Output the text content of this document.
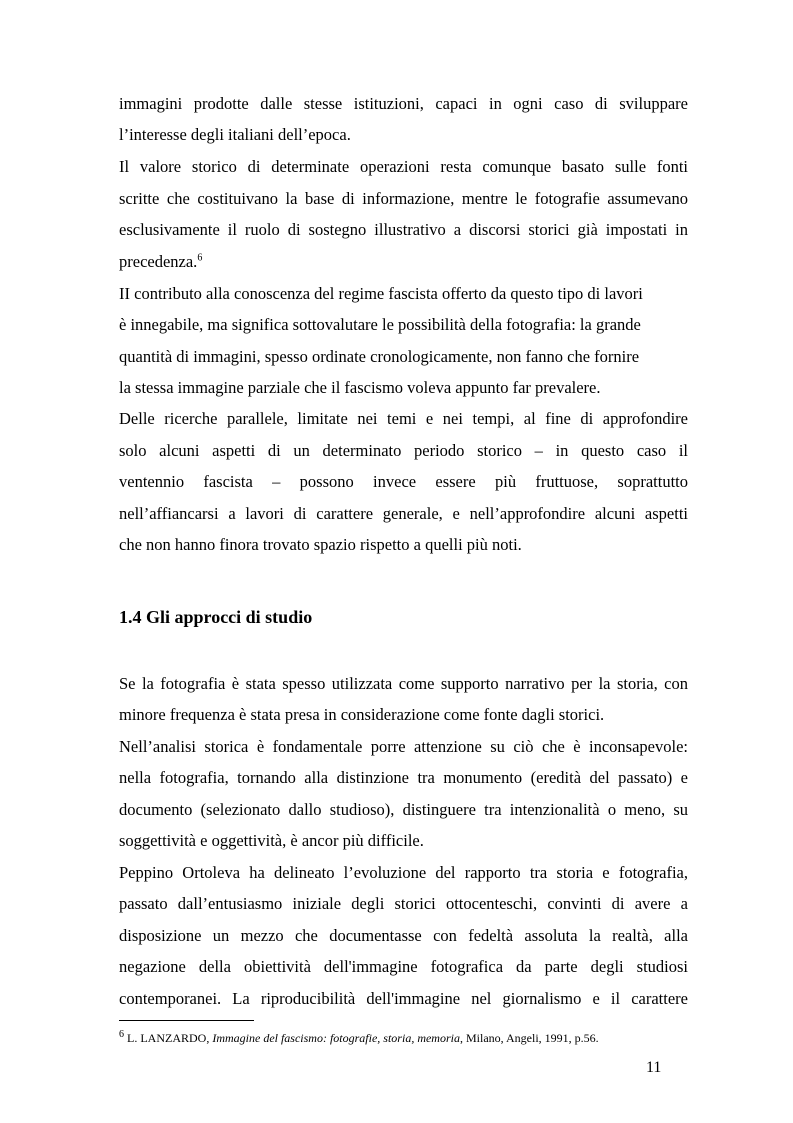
immagini prodotte dalle stesse istituzioni, capaci in ogni caso di sviluppare
l’interesse degli italiani dell’epoca.
Il valore storico di determinate operazioni resta comunque basato sulle fonti
scritte che costituivano la base di informazione, mentre le fotografie assumevano
esclusivamente il ruolo di sostegno illustrativo a discorsi storici già impostati in
precedenza.$^6$
II contributo alla conoscenza del regime fascista offerto da questo tipo di lavori
è innegabile, ma significa sottovalutare le possibilità della fotografia: la grande
quantità di immagini, spesso ordinate cronologicamente, non fanno che fornire
la stessa immagine parziale che il fascismo voleva appunto far prevalere.
Delle ricerche parallele, limitate nei temi e nei tempi, al fine di approfondire
solo alcuni aspetti di un determinato periodo storico – in questo caso il
ventennio fascista – possono invece essere più fruttuose, soprattutto
nell’affiancarsi a lavori di carattere generale, e nell’approfondire alcuni aspetti
che non hanno finora trovato spazio rispetto a quelli più noti.
1.4 Gli approcci di studio
Se la fotografia è stata spesso utilizzata come supporto narrativo per la storia, con
minore frequenza è stata presa in considerazione come fonte dagli storici.
Nell’analisi storica è fondamentale porre attenzione su ciò che è inconsapevole:
nella fotografia, tornando alla distinzione tra monumento (eredità del passato) e
documento (selezionato dallo studioso), distinguere tra intenzionalità o meno, su
soggettività e oggettività, è ancor più difficile.
Peppino Ortoleva ha delineato l’evoluzione del rapporto tra storia e fotografia,
passato dall’entusiasmo iniziale degli storici ottocenteschi, convinti di avere a
disposizione un mezzo che documentasse con fedeltà assoluta la realtà, alla
negazione della obiettività dell'immagine fotografica da parte degli studiosi
contemporanei. La riproducibilità dell'immagine nel giornalismo e il carattere
$^6$ L. LANZARDO, Immagine del fascismo: fotografie, storia, memoria, Milano, Angeli, 1991, p.56.
11
